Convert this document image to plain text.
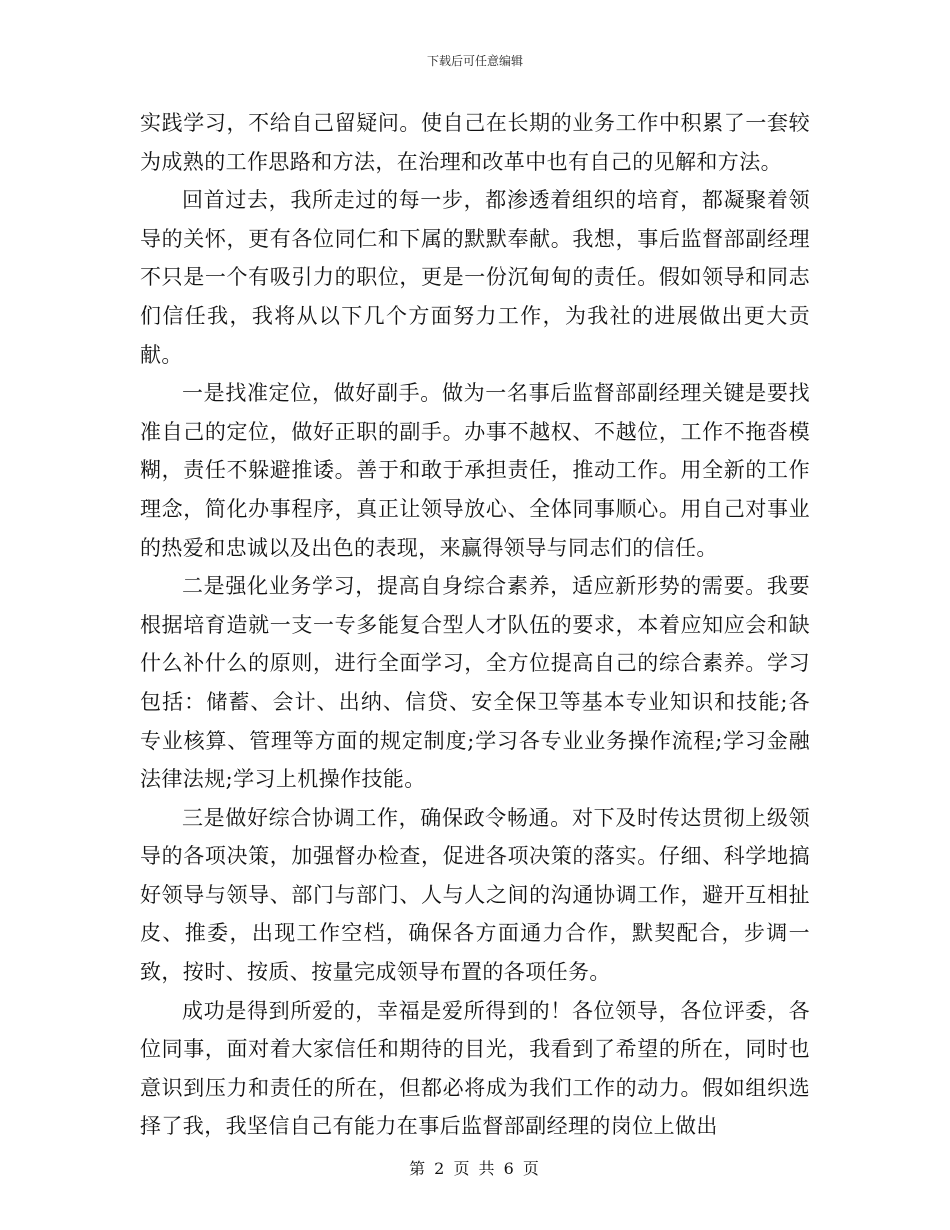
下载后可任意编辑

实践学习，不给自己留疑问。使自己在长期的业务工作中积累了一套较为成熟的工作思路和方法，在治理和改革中也有自己的见解和方法。

回首过去，我所走过的每一步，都渗透着组织的培育，都凝聚着领导的关怀，更有各位同仁和下属的默默奉献。我想，事后监督部副经理不只是一个有吸引力的职位，更是一份沉甸甸的责任。假如领导和同志们信任我，我将从以下几个方面努力工作，为我社的进展做出更大贡献。

一是找准定位，做好副手。做为一名事后监督部副经理关键是要找准自己的定位，做好正职的副手。办事不越权、不越位，工作不拖沓模糊，责任不躲避推诿。善于和敢于承担责任，推动工作。用全新的工作理念，简化办事程序，真正让领导放心、全体同事顺心。用自己对事业的热爱和忠诚以及出色的表现，来赢得领导与同志们的信任。

二是强化业务学习，提高自身综合素养，适应新形势的需要。我要根据培育造就一支一专多能复合型人才队伍的要求，本着应知应会和缺什么补什么的原则，进行全面学习，全方位提高自己的综合素养。学习包括：储蓄、会计、出纳、信贷、安全保卫等基本专业知识和技能;各专业核算、管理等方面的规定制度;学习各专业业务操作流程;学习金融法律法规;学习上机操作技能。

三是做好综合协调工作，确保政令畅通。对下及时传达贯彻上级领导的各项决策，加强督办检查，促进各项决策的落实。仔细、科学地搞好领导与领导、部门与部门、人与人之间的沟通协调工作，避开互相扯皮、推委，出现工作空档，确保各方面通力合作，默契配合，步调一致，按时、按质、按量完成领导布置的各项任务。

成功是得到所爱的，幸福是爱所得到的！各位领导，各位评委，各位同事，面对着大家信任和期待的目光，我看到了希望的所在，同时也意识到压力和责任的所在，但都必将成为我们工作的动力。假如组织选择了我，我坚信自己有能力在事后监督部副经理的岗位上做出

第 2 页 共 6 页
